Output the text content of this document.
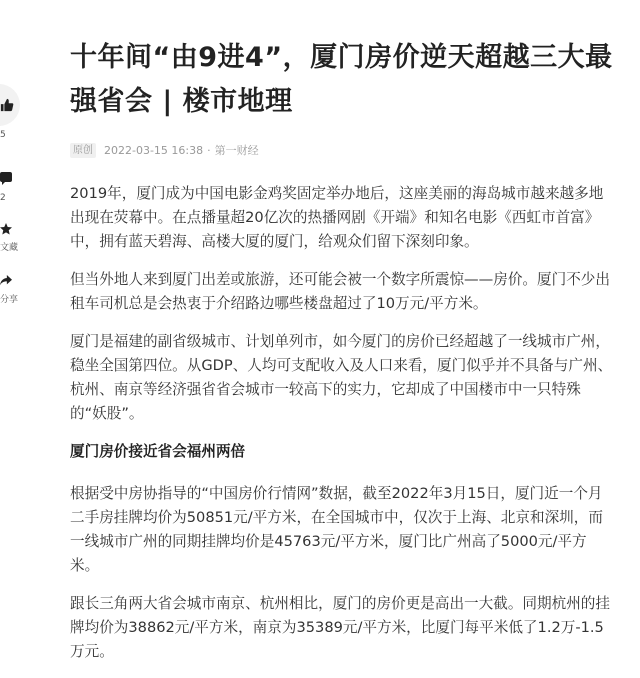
5
2
文藏
分享
十年间“由9进4”，厦门房价逆天超越三大最强省会 | 楼市地理
原创 2022-03-15 16:38 · 第一财经

2019年，厦门成为中国电影金鸡奖固定举办地后，这座美丽的海岛城市越来越多地出现在荧幕中。在点播量超20亿次的热播网剧《开端》和知名电影《西虹市首富》中，拥有蓝天碧海、高楼大厦的厦门，给观众们留下深刻印象。

但当外地人来到厦门出差或旅游，还可能会被一个数字所震惊——房价。厦门不少出租车司机总是会热衷于介绍路边哪些楼盘超过了10万元/平方米。

厦门是福建的副省级城市、计划单列市，如今厦门的房价已经超越了一线城市广州，稳坐全国第四位。从GDP、人均可支配收入及人口来看，厦门似乎并不具备与广州、杭州、南京等经济强省省会城市一较高下的实力，它却成了中国楼市中一只特殊的“妖股”。

厦门房价接近省会福州两倍

根据受中房协指导的“中国房价行情网”数据，截至2022年3月15日，厦门近一个月二手房挂牌均价为50851元/平方米，在全国城市中，仅次于上海、北京和深圳，而一线城市广州的同期挂牌均价是45763元/平方米，厦门比广州高了5000元/平方米。

跟长三角两大省会城市南京、杭州相比，厦门的房价更是高出一大截。同期杭州的挂牌均价为38862元/平方米，南京为35389元/平方米，比厦门每平米低了1.2万-1.5万元。
